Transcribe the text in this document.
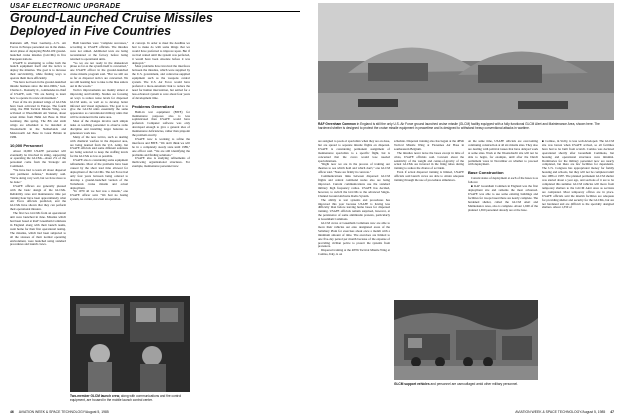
USAF ELECTRONIC UPGRADE
Ground-Launched Cruise Missiles
Deployed in Five Countries
Ramstein AB, West Germany—U.S. Air Forces in Europe personnel are in the shake-down phase of deploying BGM-109 ground-launched cruise missiles (GLCMs) in five European nations.
USAFE is attempting to refine both the launch equipment itself and the tactics to deploy the missiles. The goal is to increase their survivability, while finding ways to operate them more efficiently.
"We have not been in the ground-launched missile business since the mid-1960s," Gen. Charles L. Donnelly Jr., commander-in-chief of USAFE, said. "We are having to learn how to operate in a new environment."
Four of the six planned wings of GLCMs have been activated in Europe. The fourth wing, the 38th Tactical Missile Wing, was activated at Wueschheim Air Station, about seven miles from Hahn Air Base in West Germany, this spring. The 8th and sixth wings are scheduled to be installed at Woensdrecht in the Netherlands and Molesworth Air Base in Great Britain in 1986.
10,000 Personnel
About 10,000 USAFE personnel will eventually be involved in siting, supporting or operating the GLCMs—about 2% of the personnel come from the Strategic Air Command.
"We have had to learn all about dispersal and perimeter defense," Donnelly said. "We're doing very well, but we have more to be done."
USAFE officers are generally pleased with the basic design of the GLCMs. Reliability rates and maintenance time per training hour have been approximately what Air Force officials predicted, and the GLCMs have shown that they can perform their operational mission.
The first two GLCMs from an operational unit were launched in June. Missiles which had been based at RAF Greenham Commons in England along with their launch teams, went home for their first operational testing. The missiles, which had been subjected to all the stresses of their normal operating environment, were launched using standard procedures and launch crews.
Both launches were "complete successes," according to USAFE officials. The missiles were not armed. Additional tests are being reconsidered at the factory before being returned to operational units.
"So we are not ready in the shakedown phase as far as the system itself is concerned," one USAFE officer in the ground-launched cruise missile program said. "But we still are as far as dispersal tactics are concerned. We are still learning how to take to the blue suiters out in the woods."
Tactics improvements are mainly aimed at improving survivability. Studies are focusing on ways to reduce noise levels for dispersed GLCM units, as well as to develop better infrared and visual signatures. The goal is to give the GLCM units essentially the same appearance as conventional military units that will be stationed in the same area.
Most of the changes involve such simple tasks as teaching personnel to observe radio discipline and installing larger batteries so generators work less.
Many of the new tactics, such as dealing with chemical warfare in the dispersal area, are being learned from the U.S. Army, but USAFE officials said some different solutions are being selected to keep the staffing levels for the GLCMs as low as possible.
USAFE also is considering some equipment refinements. Most of the problems have been caused by the short lead time allowed for deployment of the GLCMs. The Air Force had only four years between being ordered to develop a ground-launched version of the Tomahawk cruise missile and actual deployment.
"In 1979 all we had was a missile," one USAFE officer said. "We had no basing system, no carrier, not even an operation-
al concept. In order to meet the deadline we had to make do with some things that we would have preferred to improve upon. But if we had waited until the system was perfected, it would have been obsolete before it was deployed."
Most problems have involved the interfaces between the missiles, which were supplied by the U.S. government, and contractor-supplied equipment such as the weapons control system. The U.S. Air Force would have preferred a more-automatic link to reduce the need for human intervention, but settled for a less-advanced system to save about four years of development time.
Problems Generalized
Built-in test equipment (BITE) for maintenance purposes also is less sophisticated than USAFE would have preferred. Computer software was only developed enough to give a general idea of maintenance deficiencies, rather than pinpoint the problem exactly.
USAFE now is working to refine the interfaces and BITE. "We don't think we will be in a completely steady state until 1989," one officer said. "We are still identifying the problems and finding solutions."
USAFE also is studying refinements of multi-wing organizational structures. For example, maintenance personnel now
Two-member GLCM launch crew, along with communications and fire control equipment, are housed in the mobile launch control center.
RAF Greenham Common in England is still the only U.S. Air Force ground launched cruise missile (GLCM) facility equipped with a fully functional GLCM Alert and Maintenance Area, shown here. The hardened shelter is designed to protect the cruise missile equipment in peacetime and is designed to withstand heavy conventional attacks in wartime.
are assigned to pools of specialists when they are on-base, but are spread to separate missile flights on dispersal. USAFE is considering permanent assignment of maintenance specialists to a specific flight, but is concerned that the crews would lose needed specializations.
"Right now we are in the process of training our theatres to see which hold and which don't," one GLCM officer said. "None are firmly in concrete."
Communications links between dispersed GLCM flights and central command nodes also are being improved. Current communications use the standard military high frequency radios. USAFE has decided, however, to switch the GLCMs to the advanced Single-Channel Ground Airborne Radio System.
The ability to test systems and procedures has improved this year because USAFE is having less difficulty than before leaving home bases for dispersed training. USAFE officials remain surprised, however, at the persistence of some antimissile protests, particularly at Greenham Commons.
GLCM crews at Greenham Commons now are able to move their vehicles out onto designated areas of the Salisbury Plain for exercises about once a month with a minimum amount of time. The exercises are limited to one five-day period per month because of the expense of providing civilian police to protect the systems from protesters.
Dispersal training at the 487th Tactical Missile Wing at Comiso, Italy, is on
schedule. Dispersal training also has begun at the 485th Tactical Missile Wing at Florennes Air Base in southeastern Belgium.
The missiles never leave the bases except in time of crisis, USAFE officials said. Concern about the sensitivity of the weight and center-of-gravity of the actual GLCMs are incurred in the firing tubes during training to reduce the chance of accident.
Even if actual dispersal training is limited, USAFE officials said launch crews are able to obtain adequate training through the use of procedures simulators.
At the same time, USAFE officials are overcoming continuing construction at all six missile sites. They also are dealing with political issues that have delayed work at some sites. Work at the Woensdrecht site will not be able to begin, for example, until after the Dutch parliament votes in November on whether to proceed with deployment.
Base Construction
Current status of deployment at each of the bases is as follows:
■ RAF Greenham Common in England was the first deployment site and remains the most advanced. USAFE was able to use some existing buildings and facilities for troops based there are nearly complete. The hardened shelter, called the GLCM Alert and Maintenance Area, also is complete. About 1,600 of the planned 1,650 personnel already are at the base.
■ Comiso, in Sicily, is less well-developed. The GLCM site was barren when USAFE arrived, so all facilities have had to be built from scratch. Comiso was declared operational shortly after Greenham Commons, but housing and operational structures were minimal. Dormitories for the military personnel now are nearly completed, but there are few facilities for dependents. The U.S. Congress has appropriated money for family housing and schools, but they will not be completed until late 1986 or 1987. The planned permanent GLCM shelter was started about a year ago, and sections of it are to be completed this summer. GLCM vehicles will move from temporary shelters to the GLCM Alert Area as sections are completed. Most temporary offices are in place. USAFE officials said the interim facilities are adequate for providing shelter and security for the GLCMs, but are not hardened and are difficult to the specially designed shelters. About 1,350 of
GLCM support vehicles and personnel are camouflaged amid other military personnel.
46 AVIATION WEEK & SPACE TECHNOLOGY/August 5, 1985	AVIATION WEEK & SPACE TECHNOLOGY/August 5, 1985 47
